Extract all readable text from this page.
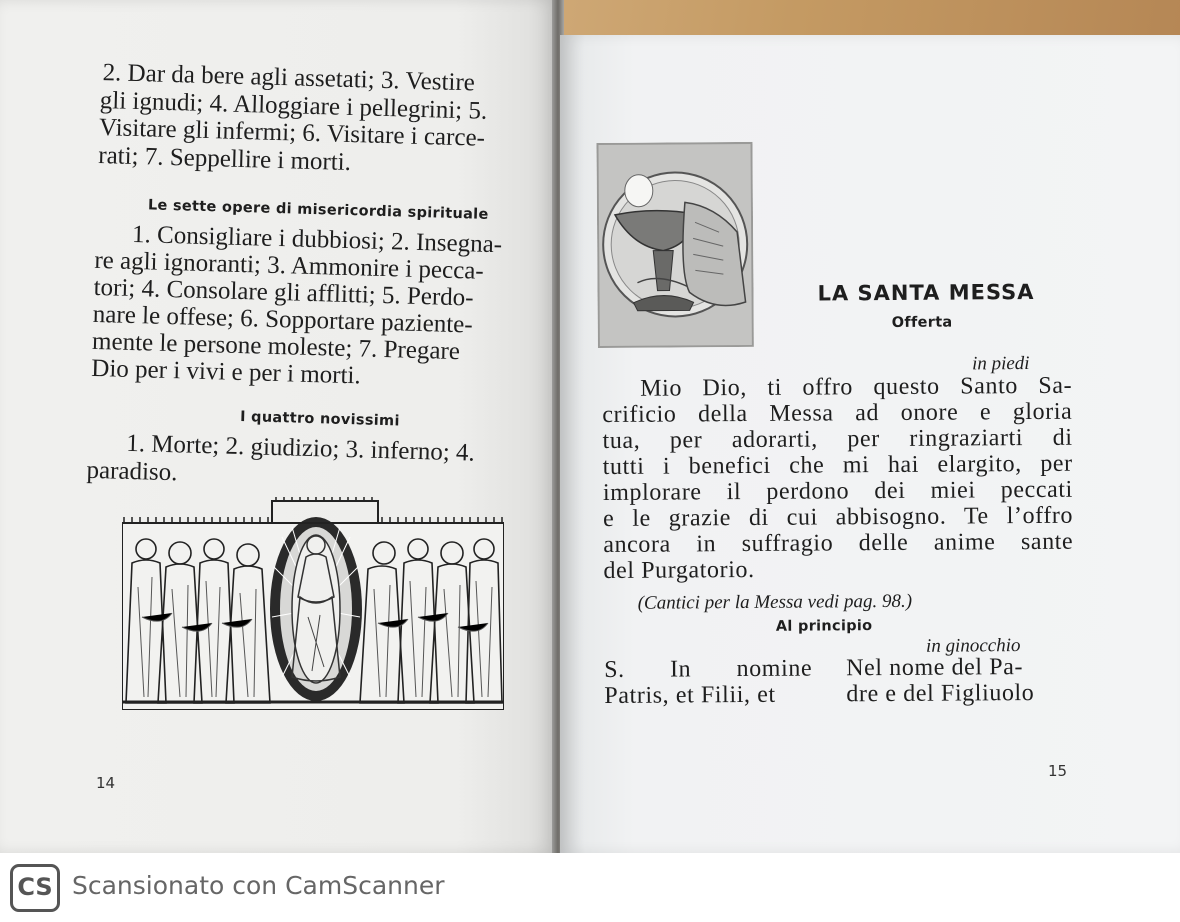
2. Dar da bere agli assetati; 3. Vestire
gli ignudi; 4. Alloggiare i pellegrini; 5.
Visitare gli infermi; 6. Visitare i carce-
rati; 7. Seppellire i morti.
Le sette opere di misericordia spirituale
1. Consigliare i dubbiosi; 2. Insegna-
re agli ignoranti; 3. Ammonire i pecca-
tori; 4. Consolare gli afflitti; 5. Perdo-
nare le offese; 6. Sopportare paziente-
mente le persone moleste; 7. Pregare
Dio per i vivi e per i morti.
I quattro novissimi
1. Morte; 2. giudizio; 3. inferno; 4.
paradiso.
14
LA SANTA MESSA
Offerta
in piedi
Mio Dio, ti offro questo Santo Sa-
crificio della Messa ad onore e gloria
tua, per adorarti, per ringraziarti di
tutti i benefici che mi hai elargito, per
implorare il perdono dei miei peccati
e le grazie di cui abbisogno. Te l’offro
ancora in suffragio delle anime sante
del Purgatorio.
(Cantici per la Messa vedi pag. 98.)
Al principio
in ginocchio
S. In nomine
Patris, et Filii, et
Nel nome del Pa-
dre e del Figliuolo
15
CS Scansionato con CamScanner
